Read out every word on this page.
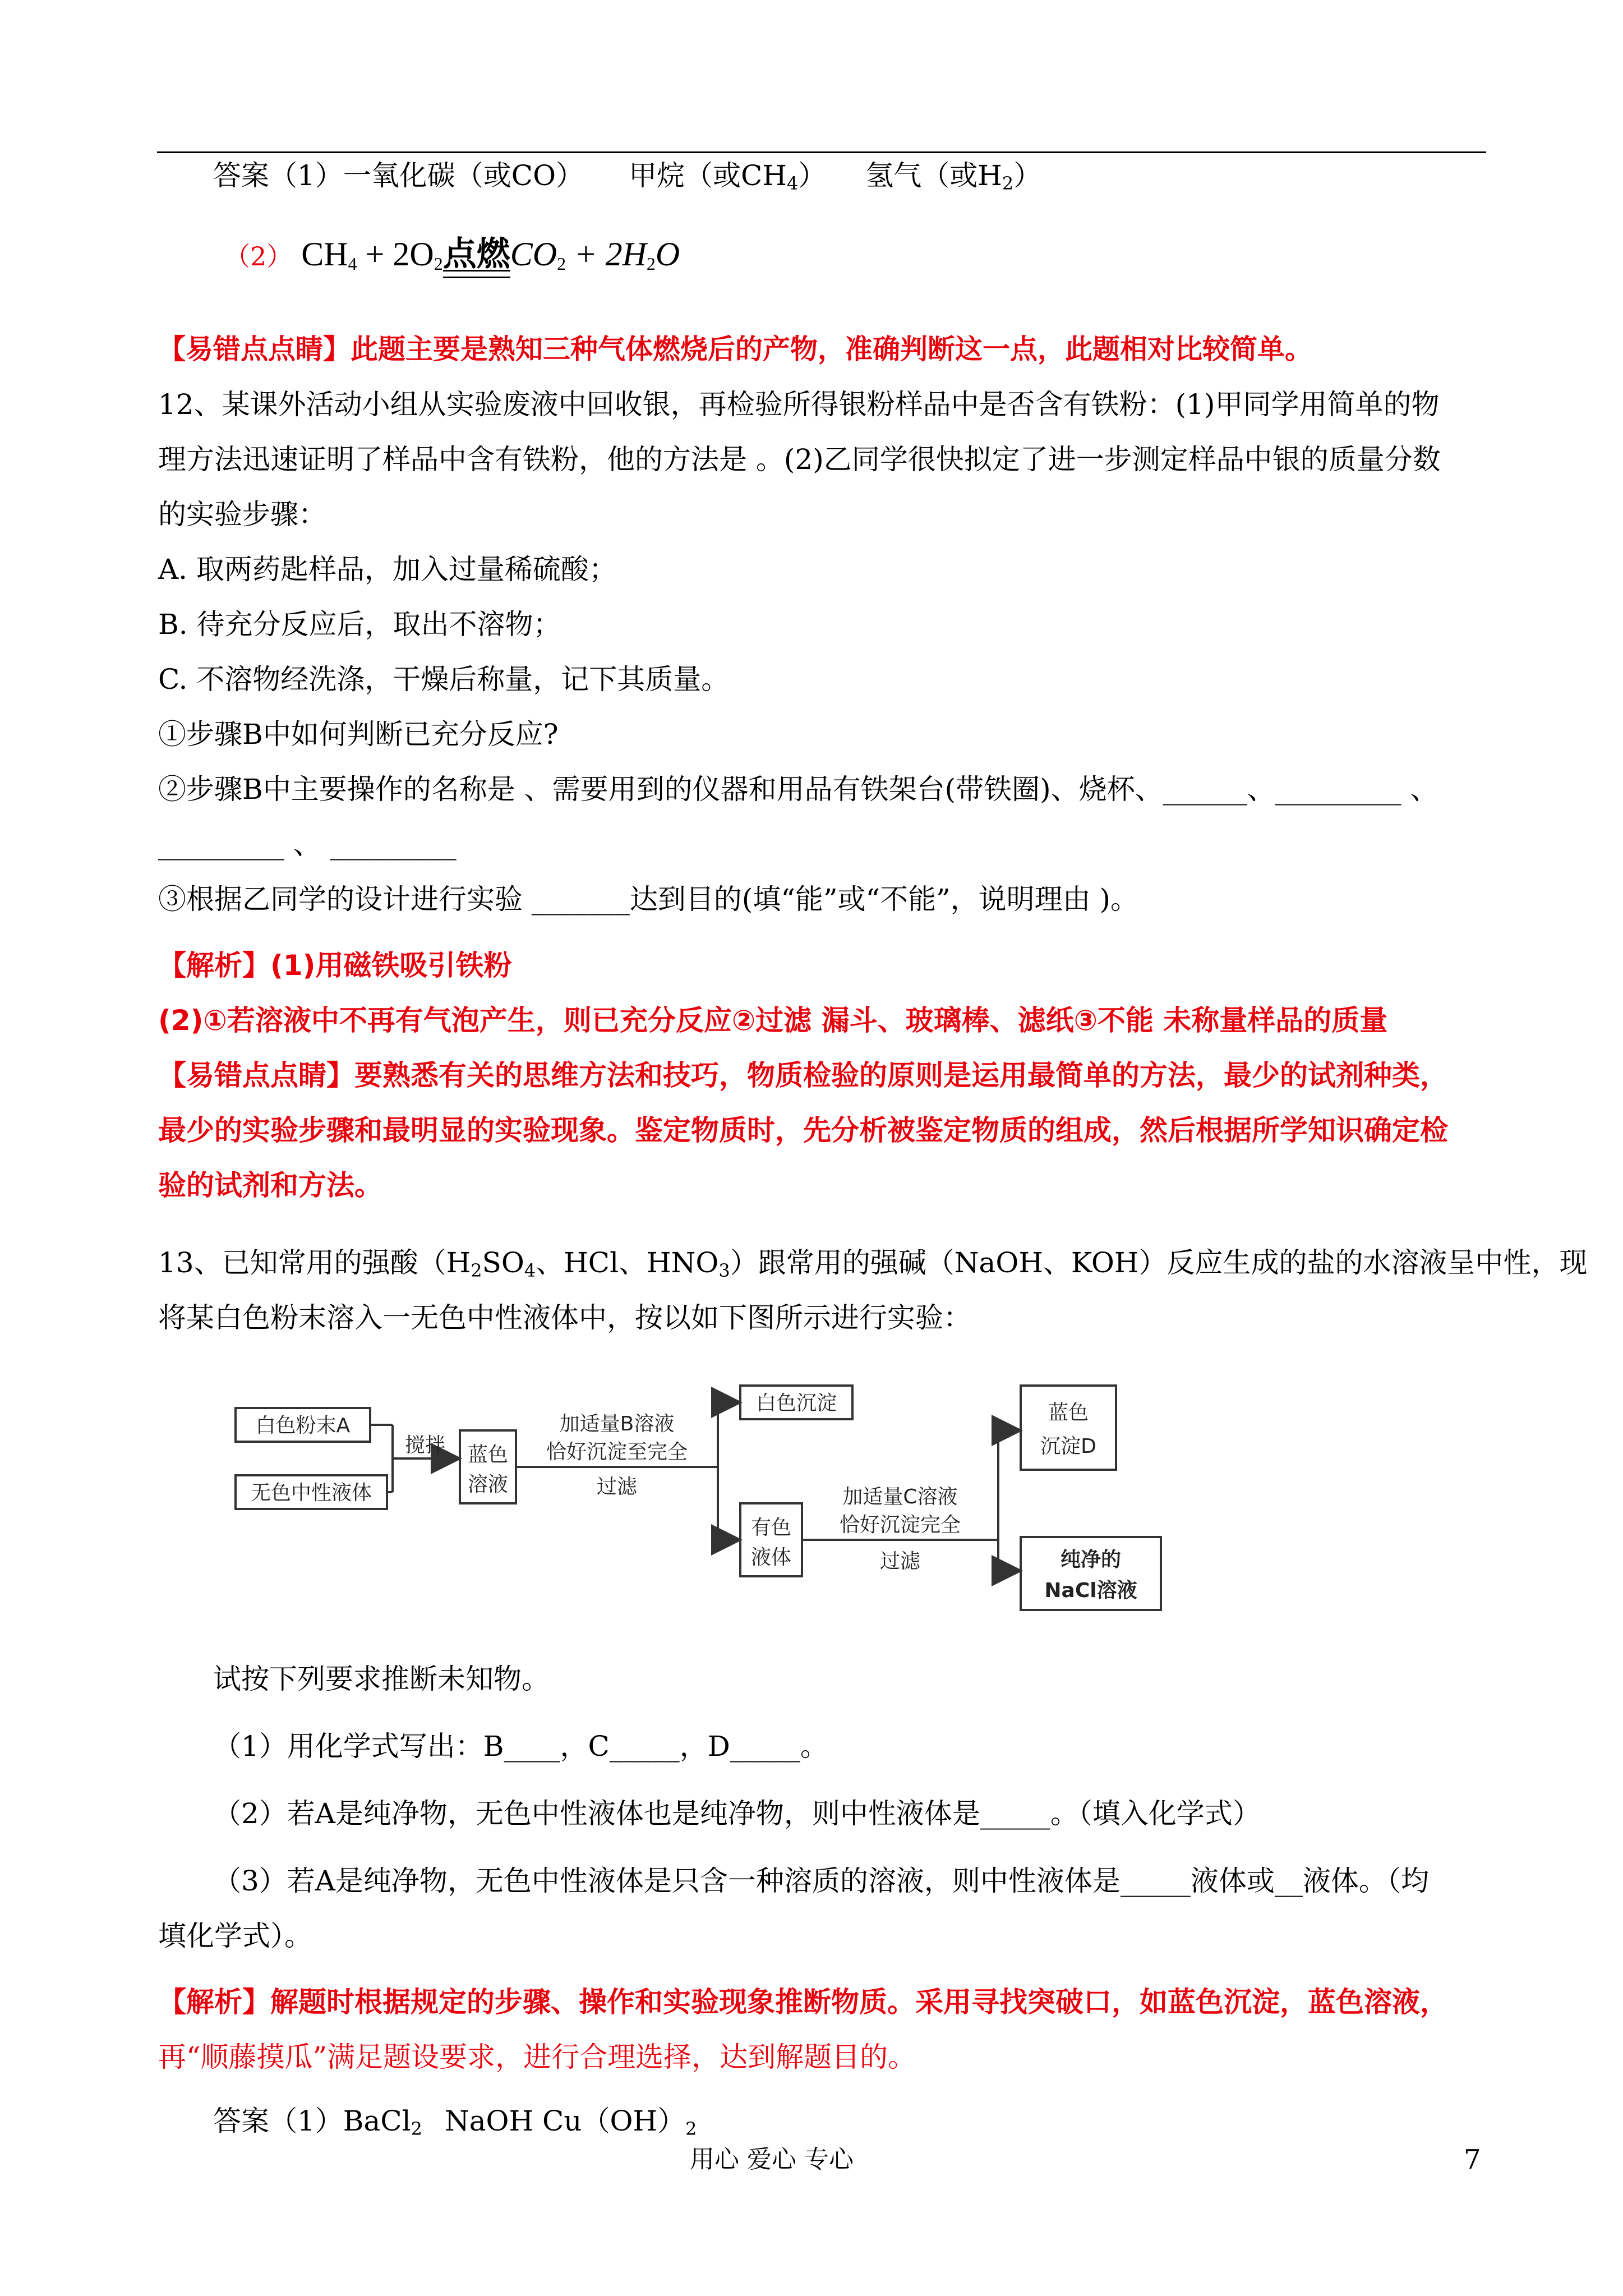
答案（1）一氧化碳（或CO） 甲烷（或$CH_4$） 氢气（或$H_2$）
（2） $CH_4 + 2O_2$点燃$CO_2 + 2H_2O$
【易错点点睛】此题主要是熟知三种气体燃烧后的产物，准确判断这一点，此题相对比较简单。
12、某课外活动小组从实验废液中回收银，再检验所得银粉样品中是否含有铁粉：(1)甲同学用简单的物
理方法迅速证明了样品中含有铁粉，他的方法是 。(2)乙同学很快拟定了进一步测定样品中银的质量分数
的实验步骤：
A. 取两药匙样品，加入过量稀硫酸；
B. 待充分反应后，取出不溶物；
C. 不溶物经洗涤，干燥后称量，记下其质量。
①步骤B中如何判断已充分反应?
②步骤B中主要操作的名称是 、需要用到的仪器和用品有铁架台(带铁圈)、烧杯、______、_________ 、
_________ 、 _________
③根据乙同学的设计进行实验 _______达到目的(填“能”或“不能”，说明理由 )。
【解析】(1)用磁铁吸引铁粉
(2)①若溶液中不再有气泡产生，则已充分反应②过滤 漏斗、玻璃棒、滤纸③不能 未称量样品的质量
【易错点点睛】要熟悉有关的思维方法和技巧，物质检验的原则是运用最简单的方法，最少的试剂种类，
最少的实验步骤和最明显的实验现象。鉴定物质时，先分析被鉴定物质的组成，然后根据所学知识确定检
验的试剂和方法。
13、已知常用的强酸（$H_2SO_4$、HCl、$HNO_3$）跟常用的强碱（NaOH、KOH）反应生成的盐的水溶液呈中性，现
将某白色粉末溶入一无色中性液体中，按以如下图所示进行实验：
白色粉末A
无色中性液体
搅拌 蓝色
溶液
加适量B溶液
恰好沉淀至完全
过滤
白色沉淀
有色
液体
加适量C溶液
恰好沉淀完全
过滤
蓝色
沉淀D
纯净的
NaCl溶液
试按下列要求推断未知物。
（1）用化学式写出：B____，C_____，D_____。
（2）若A是纯净物，无色中性液体也是纯净物，则中性液体是_____。（填入化学式）
（3）若A是纯净物，无色中性液体是只含一种溶质的溶液，则中性液体是_____液体或__液体。（均
填化学式）。
【解析】解题时根据规定的步骤、操作和实验现象推断物质。采用寻找突破口，如蓝色沉淀，蓝色溶液，
再“顺藤摸瓜”满足题设要求，进行合理选择，达到解题目的。
答案（1）BaCl$_2$ NaOH $Cu(OH)_2$
用心 爱心 专心	7
